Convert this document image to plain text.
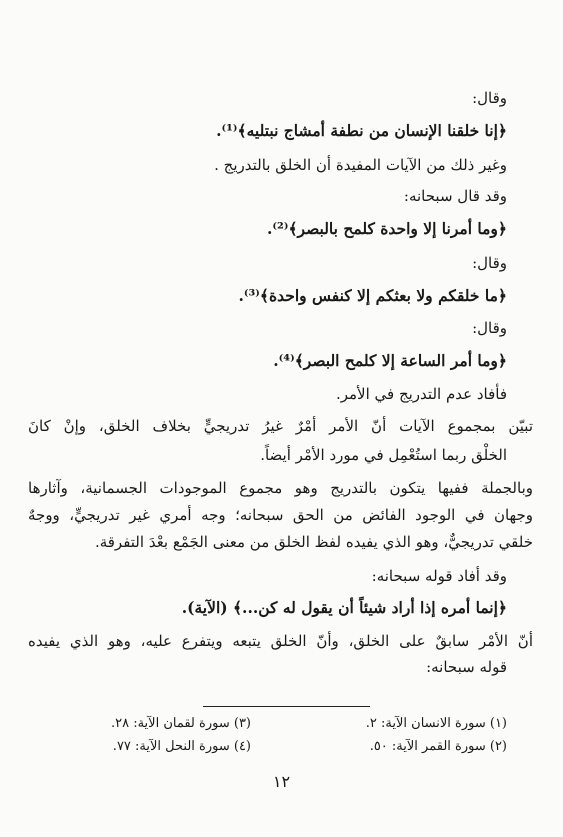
وقال:
﴿إنا خلقنا الإنسان من نطفة أمشاج نبتليه﴾⁽¹⁾.
وغير ذلك من الآيات المفيدة أن الخلق بالتدريج .
وقد قال سبحانه:
﴿وما أمرنا إلا واحدة كلمح بالبصر﴾⁽²⁾.
وقال:
﴿ما خلقكم ولا بعثكم إلا كنفس واحدة﴾⁽³⁾.
وقال:
﴿وما أمر الساعة إلا كلمح البصر﴾⁽⁴⁾.
فأفاد عدم التدريج في الأمر.
تبيّن بمجموع الآيات أنّ الأمر أمْرٌ غيرُ تدريجيٍّ بخلاف الخلق، وإنْ كانَ
الخلْق ربما استُعْمِل في مورد الأمْر أيضاً.
وبالجملة ففيها يتكون بالتدريج وهو مجموع الموجودات الجسمانية، وآثارها
وجهان في الوجود الفائض من الحق سبحانه؛ وجه أمري غير تدريجيٍّ، ووجهٌ
خلقي تدريجيٌّ، وهو الذي يفيده لفظ الخلق من معنى الجَمْع بعْدَ التفرقة.
وقد أفاد قوله سبحانه:
﴿إنما أمره إذا أراد شيئاً أن يقول له كن...﴾ (الآية).
أنّ الأمْر سابقٌ على الخلق، وأنّ الخلق يتبعه ويتفرع عليه، وهو الذي يفيده
قوله سبحانه:
(١) سورة الانسان الآية: ٢.
(٢) سورة القمر الآية: ٥٠.
(٣) سورة لقمان الآية: ٢٨.
(٤) سورة النحل الآية: ٧٧.
١٢
